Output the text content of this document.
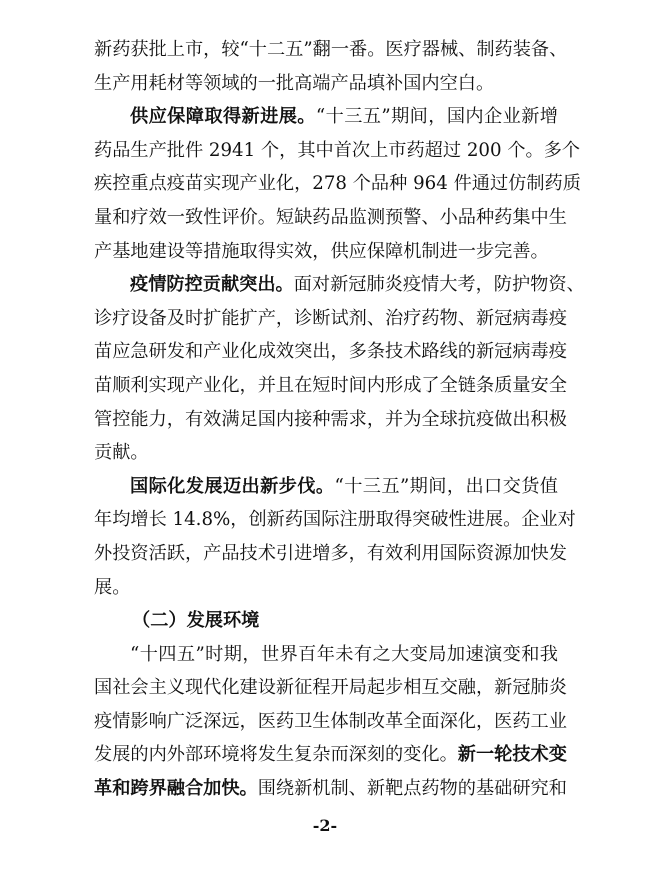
新药获批上市，较“十二五”翻一番。医疗器械、制药装备、
生产用耗材等领域的一批高端产品填补国内空白。
供应保障取得新进展。“十三五”期间，国内企业新增
药品生产批件 2941 个，其中首次上市药超过 200 个。多个
疾控重点疫苗实现产业化，278 个品种 964 件通过仿制药质
量和疗效一致性评价。短缺药品监测预警、小品种药集中生
产基地建设等措施取得实效，供应保障机制进一步完善。
疫情防控贡献突出。面对新冠肺炎疫情大考，防护物资、
诊疗设备及时扩能扩产，诊断试剂、治疗药物、新冠病毒疫
苗应急研发和产业化成效突出，多条技术路线的新冠病毒疫
苗顺利实现产业化，并且在短时间内形成了全链条质量安全
管控能力，有效满足国内接种需求，并为全球抗疫做出积极
贡献。
国际化发展迈出新步伐。“十三五”期间，出口交货值
年均增长 14.8%，创新药国际注册取得突破性进展。企业对
外投资活跃，产品技术引进增多，有效利用国际资源加快发
展。
（二）发展环境
“十四五”时期，世界百年未有之大变局加速演变和我
国社会主义现代化建设新征程开局起步相互交融，新冠肺炎
疫情影响广泛深远，医药卫生体制改革全面深化，医药工业
发展的内外部环境将发生复杂而深刻的变化。新一轮技术变
革和跨界融合加快。围绕新机制、新靶点药物的基础研究和
-2-
